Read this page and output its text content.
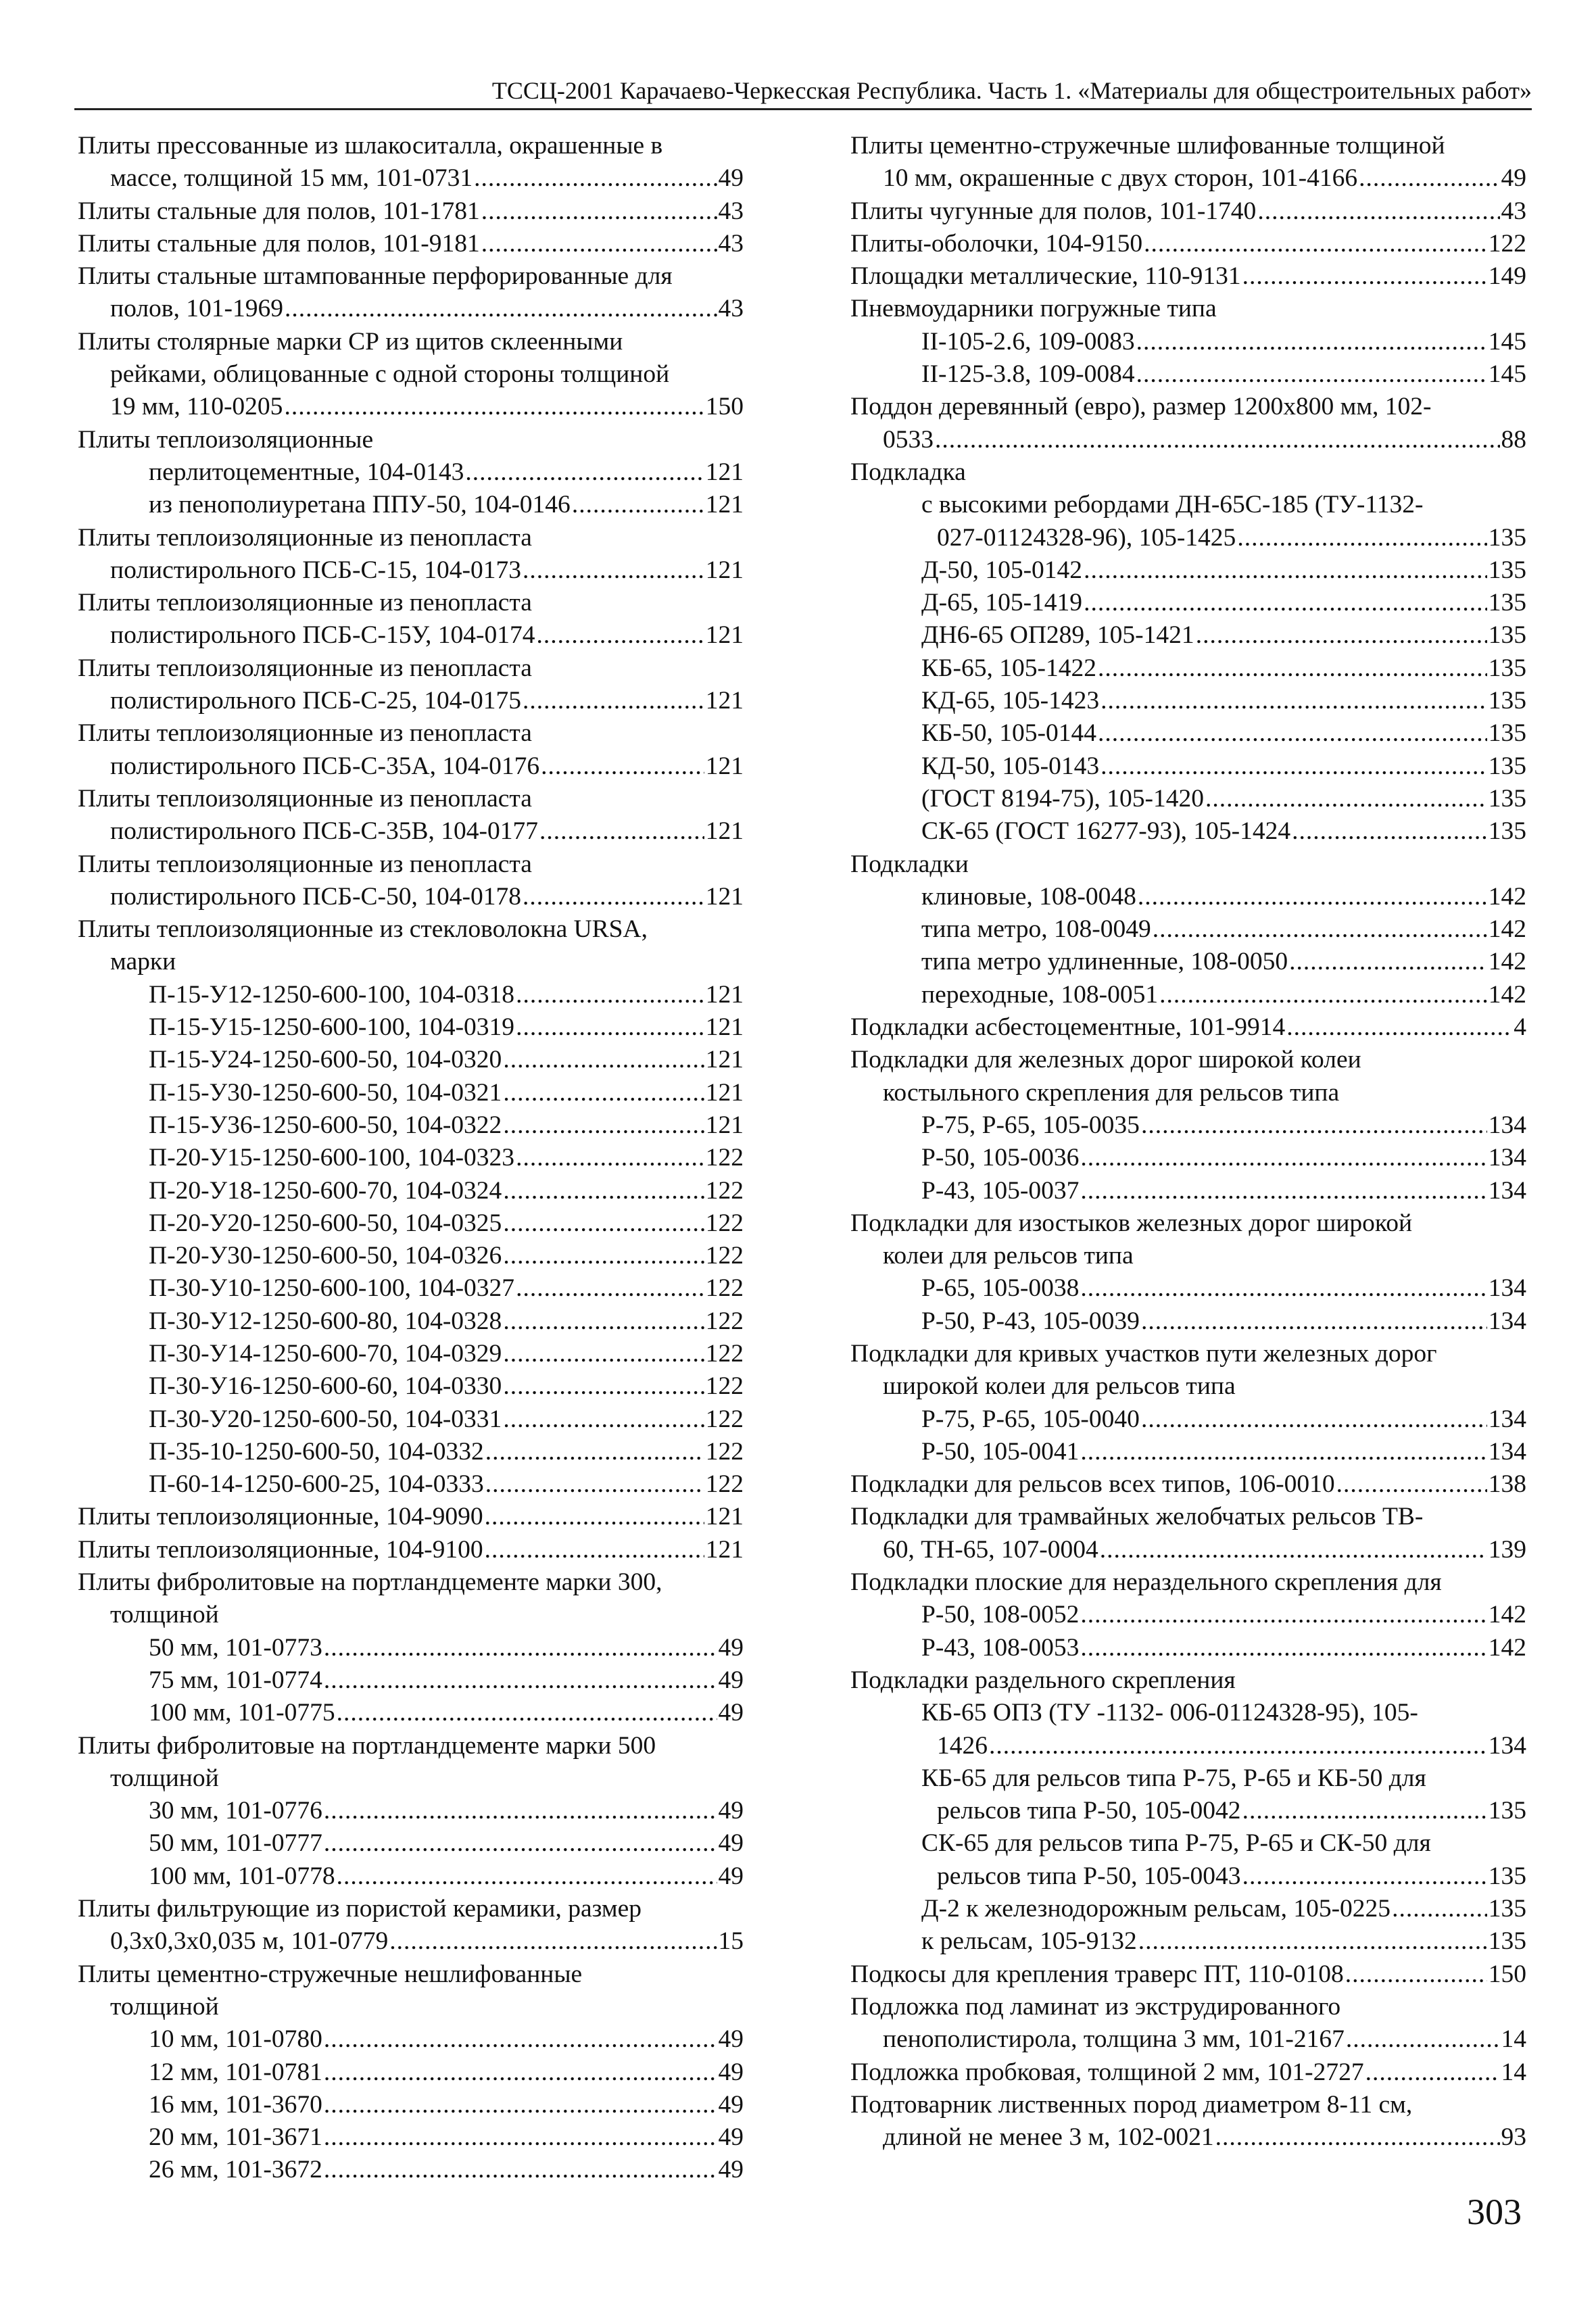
ТССЦ-2001 Карачаево-Черкесская Республика. Часть 1. «Материалы для общестроительных работ»
Плиты прессованные из шлакоситалла, окрашенные в
массе, толщиной 15 мм, 101-0731 .....	49
Плиты стальные для полов, 101-1781 .....	43
Плиты стальные для полов, 101-9181 .....	43
Плиты стальные штампованные перфорированные для
полов, 101-1969 .....	43
Плиты столярные марки СР из щитов склеенными
рейками, облицованные с одной стороны толщиной
19 мм, 110-0205 .....	150
Плиты теплоизоляционные
перлитоцементные, 104-0143 .....	121
из пенополиуретана ППУ-50, 104-0146 .....	121
Плиты теплоизоляционные из пенопласта
полистирольного ПСБ-С-15, 104-0173 .....	121
Плиты теплоизоляционные из пенопласта
полистирольного ПСБ-С-15У, 104-0174 .....	121
Плиты теплоизоляционные из пенопласта
полистирольного ПСБ-С-25, 104-0175 .....	121
Плиты теплоизоляционные из пенопласта
полистирольного ПСБ-С-35А, 104-0176 .....	121
Плиты теплоизоляционные из пенопласта
полистирольного ПСБ-С-35В, 104-0177 .....	121
Плиты теплоизоляционные из пенопласта
полистирольного ПСБ-С-50, 104-0178 .....	121
Плиты теплоизоляционные из стекловолокна URSA,
марки
П-15-У12-1250-600-100, 104-0318 .....	121
П-15-У15-1250-600-100, 104-0319 .....	121
П-15-У24-1250-600-50, 104-0320 .....	121
П-15-У30-1250-600-50, 104-0321 .....	121
П-15-У36-1250-600-50, 104-0322 .....	121
П-20-У15-1250-600-100, 104-0323 .....	122
П-20-У18-1250-600-70, 104-0324 .....	122
П-20-У20-1250-600-50, 104-0325 .....	122
П-20-У30-1250-600-50, 104-0326 .....	122
П-30-У10-1250-600-100, 104-0327 .....	122
П-30-У12-1250-600-80, 104-0328 .....	122
П-30-У14-1250-600-70, 104-0329 .....	122
П-30-У16-1250-600-60, 104-0330 .....	122
П-30-У20-1250-600-50, 104-0331 .....	122
П-35-10-1250-600-50, 104-0332 .....	122
П-60-14-1250-600-25, 104-0333 .....	122
Плиты теплоизоляционные, 104-9090 .....	121
Плиты теплоизоляционные, 104-9100 .....	121
Плиты фибролитовые на портландцементе марки 300,
толщиной
50 мм, 101-0773 .....	49
75 мм, 101-0774 .....	49
100 мм, 101-0775 .....	49
Плиты фибролитовые на портландцементе марки 500
толщиной
30 мм, 101-0776 .....	49
50 мм, 101-0777 .....	49
100 мм, 101-0778 .....	49
Плиты фильтрующие из пористой керамики, размер
0,3х0,3х0,035 м, 101-0779 .....	15
Плиты цементно-стружечные нешлифованные
толщиной
10 мм, 101-0780 .....	49
12 мм, 101-0781 .....	49
16 мм, 101-3670 .....	49
20 мм, 101-3671 .....	49
26 мм, 101-3672 .....	49
Плиты цементно-стружечные шлифованные толщиной
10 мм, окрашенные с двух сторон, 101-4166 .....	49
Плиты чугунные для полов, 101-1740 .....	43
Плиты-оболочки, 104-9150 .....	122
Площадки металлические, 110-9131 .....	149
Пневмоударники погружные типа
II-105-2.6, 109-0083 .....	145
II-125-3.8, 109-0084 .....	145
Поддон деревянный (евро), размер 1200х800 мм, 102-
0533 .....	88
Подкладка
с высокими ребордами ДН-65С-185 (ТУ-1132-
027-01124328-96), 105-1425 .....	135
Д-50, 105-0142 .....	135
Д-65, 105-1419 .....	135
ДН6-65 ОП289, 105-1421 .....	135
КБ-65, 105-1422 .....	135
КД-65, 105-1423 .....	135
КБ-50, 105-0144 .....	135
КД-50, 105-0143 .....	135
(ГОСТ 8194-75), 105-1420 .....	135
СК-65 (ГОСТ 16277-93), 105-1424 .....	135
Подкладки
клиновые, 108-0048 .....	142
типа метро, 108-0049 .....	142
типа метро удлиненные, 108-0050 .....	142
переходные, 108-0051 .....	142
Подкладки асбестоцементные, 101-9914 .....	4
Подкладки для железных дорог широкой колеи
костыльного скрепления для рельсов типа
Р-75, Р-65, 105-0035 .....	134
Р-50, 105-0036 .....	134
Р-43, 105-0037 .....	134
Подкладки для изостыков железных дорог широкой
колеи для рельсов типа
Р-65, 105-0038 .....	134
Р-50, Р-43, 105-0039 .....	134
Подкладки для кривых участков пути железных дорог
широкой колеи для рельсов типа
Р-75, Р-65, 105-0040 .....	134
Р-50, 105-0041 .....	134
Подкладки для рельсов всех типов, 106-0010 .....	138
Подкладки для трамвайных желобчатых рельсов ТВ-
60, ТН-65, 107-0004 .....	139
Подкладки плоские для нераздельного скрепления для
Р-50, 108-0052 .....	142
Р-43, 108-0053 .....	142
Подкладки раздельного скрепления
КБ-65 ОПЗ (ТУ -1132- 006-01124328-95), 105-
1426 .....	134
КБ-65 для рельсов типа Р-75, Р-65 и КБ-50 для
рельсов типа Р-50, 105-0042 .....	135
СК-65 для рельсов типа Р-75, Р-65 и СК-50 для
рельсов типа Р-50, 105-0043 .....	135
Д-2 к железнодорожным рельсам, 105-0225 .....	135
к рельсам, 105-9132 .....	135
Подкосы для крепления траверс ПТ, 110-0108 .....	150
Подложка под ламинат из экструдированного
пенополистирола, толщина 3 мм, 101-2167 .....	14
Подложка пробковая, толщиной 2 мм, 101-2727 .....	14
Подтоварник лиственных пород диаметром 8-11 см,
длиной не менее 3 м, 102-0021 .....	93
303
